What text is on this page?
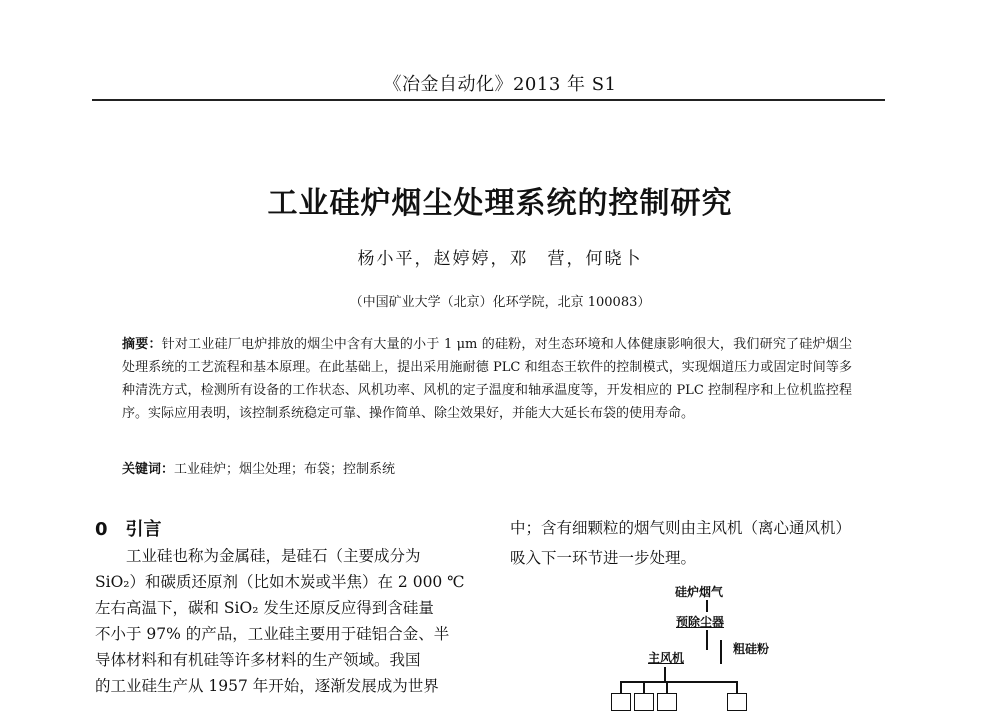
《冶金自动化》2013 年 S1
工业硅炉烟尘处理系统的控制研究
杨小平，赵婷婷，邓　营，何晓卜
（中国矿业大学（北京）化环学院，北京 100083）
摘要：针对工业硅厂电炉排放的烟尘中含有大量的小于 1 μm 的硅粉，对生态环境和人体健康影响很大，我们研究了硅炉烟尘处理系统的工艺流程和基本原理。在此基础上，提出采用施耐德 PLC 和组态王软件的控制模式，实现烟道压力或固定时间等多种清洗方式，检测所有设备的工作状态、风机功率、风机的定子温度和轴承温度等，开发相应的 PLC 控制程序和上位机监控程序。实际应用表明，该控制系统稳定可靠、操作简单、除尘效果好，并能大大延长布袋的使用寿命。
关键词：工业硅炉；烟尘处理；布袋；控制系统
0 引言
　　工业硅也称为金属硅，是硅石（主要成分为
SiO₂）和碳质还原剂（比如木炭或半焦）在 2 000 ℃
左右高温下，碳和 SiO₂ 发生还原反应得到含硅量
不小于 97% 的产品，工业硅主要用于硅铝合金、半
导体材料和有机硅等许多材料的生产领域。我国
的工业硅生产从 1957 年开始，逐渐发展成为世界
中；含有细颗粒的烟气则由主风机（离心通风机）
吸入下一环节进一步处理。
硅炉烟气
预除尘器
主风机
粗硅粉
